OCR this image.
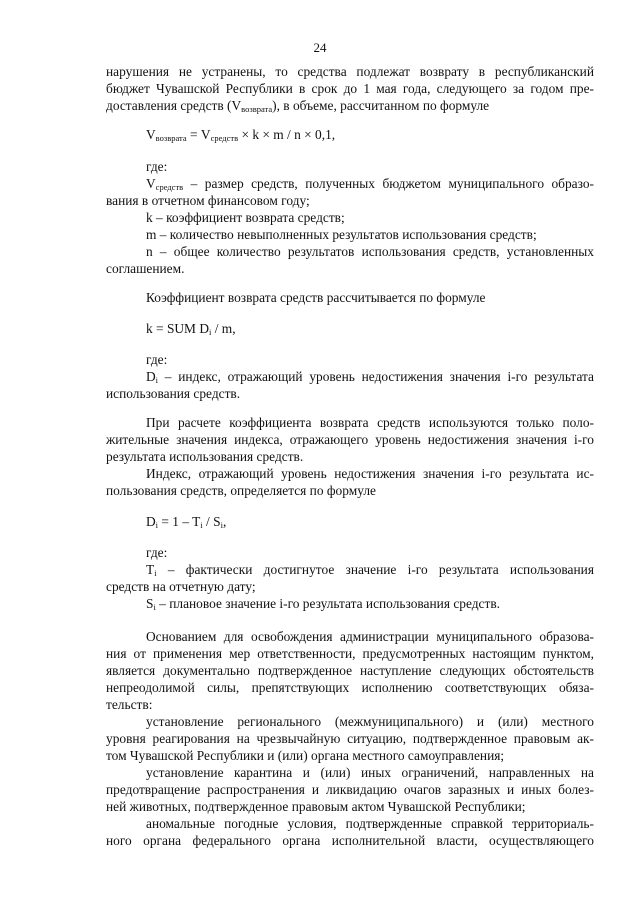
24
нарушения не устранены, то средства подлежат возврату в республиканский
бюджет Чувашской Республики в срок до 1 мая года, следующего за годом пре-
доставления средств $(V_{возврата})$, в объеме, рассчитанном по формуле
$V_{возврата} = V_{средств} \times k \times m / n \times 0,1$,
где:
$V_{средств}$ – размер средств, полученных бюджетом муниципального образо-
вания в отчетном финансовом году;
k – коэффициент возврата средств;
m – количество невыполненных результатов использования средств;
n – общее количество результатов использования средств, установленных
соглашением.
Коэффициент возврата средств рассчитывается по формуле
k = SUM $D_i$ / m,
где:
$D_i$ – индекс, отражающий уровень недостижения значения i-го результата
использования средств.
При расчете коэффициента возврата средств используются только поло-
жительные значения индекса, отражающего уровень недостижения значения i-го
результата использования средств.
Индекс, отражающий уровень недостижения значения i-го результата ис-
пользования средств, определяется по формуле
$D_i = 1 - T_i / S_i$,
где:
$T_i$ – фактически достигнутое значение i-го результата использования
средств на отчетную дату;
$S_i$ – плановое значение i-го результата использования средств.
Основанием для освобождения администрации муниципального образова-
ния от применения мер ответственности, предусмотренных настоящим пунктом,
является документально подтвержденное наступление следующих обстоятельств
непреодолимой силы, препятствующих исполнению соответствующих обяза-
тельств:
установление регионального (межмуниципального) и (или) местного
уровня реагирования на чрезвычайную ситуацию, подтвержденное правовым ак-
том Чувашской Республики и (или) органа местного самоуправления;
установление карантина и (или) иных ограничений, направленных на
предотвращение распространения и ликвидацию очагов заразных и иных болез-
ней животных, подтвержденное правовым актом Чувашской Республики;
аномальные погодные условия, подтвержденные справкой территориаль-
ного органа федерального органа исполнительной власти, осуществляющего
